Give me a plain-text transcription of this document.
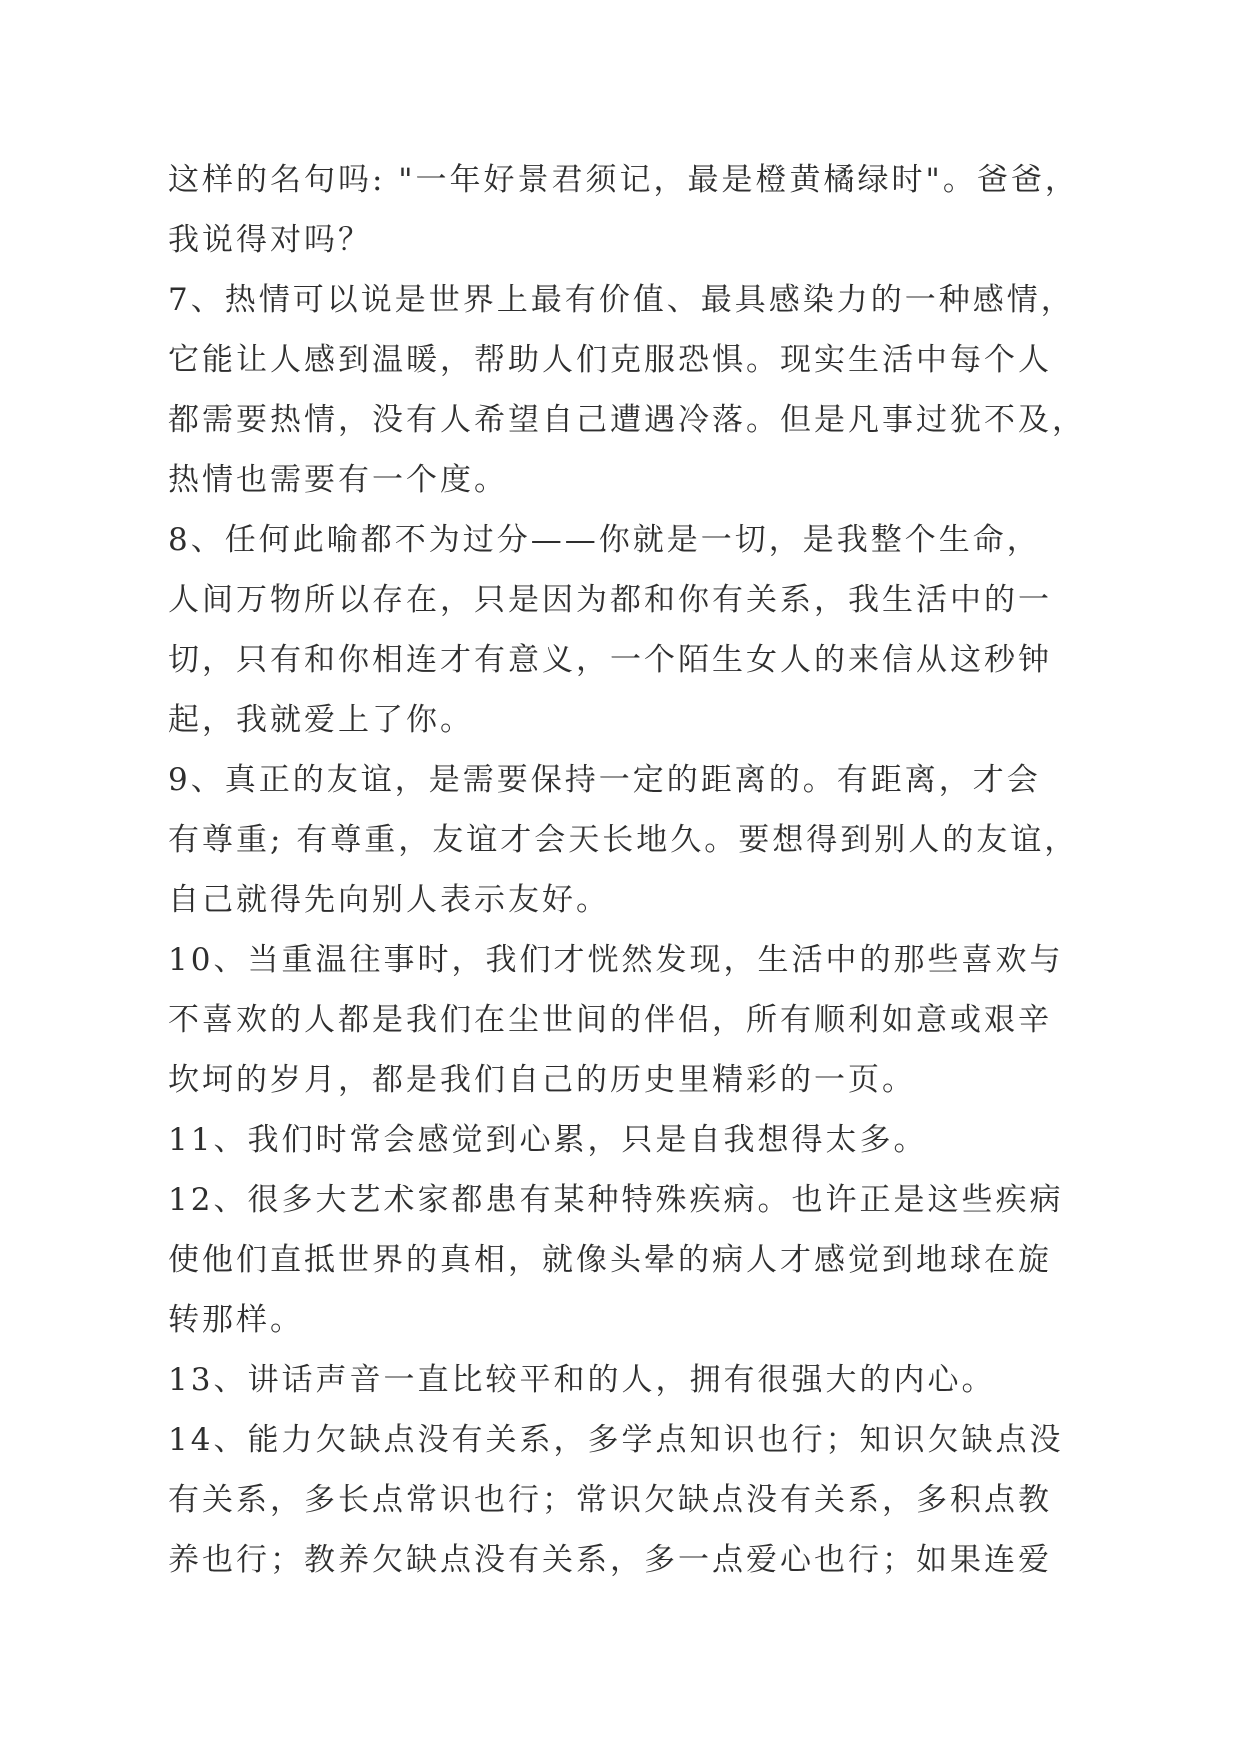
这样的名句吗: "一年好景君须记，最是橙黄橘绿时"。爸爸，
我说得对吗？
7、热情可以说是世界上最有价值、最具感染力的一种感情，
它能让人感到温暖，帮助人们克服恐惧。现实生活中每个人
都需要热情，没有人希望自己遭遇冷落。但是凡事过犹不及，
热情也需要有一个度。
8、任何此喻都不为过分——你就是一切，是我整个生命，
人间万物所以存在，只是因为都和你有关系，我生活中的一
切，只有和你相连才有意义，一个陌生女人的来信从这秒钟
起，我就爱上了你。
9、真正的友谊，是需要保持一定的距离的。有距离，才会
有尊重; 有尊重，友谊才会天长地久。要想得到别人的友谊，
自己就得先向别人表示友好。
10、当重温往事时，我们才恍然发现，生活中的那些喜欢与
不喜欢的人都是我们在尘世间的伴侣，所有顺利如意或艰辛
坎坷的岁月，都是我们自己的历史里精彩的一页。
11、我们时常会感觉到心累，只是自我想得太多。
12、很多大艺术家都患有某种特殊疾病。也许正是这些疾病
使他们直抵世界的真相，就像头晕的病人才感觉到地球在旋
转那样。
13、讲话声音一直比较平和的人，拥有很强大的内心。
14、能力欠缺点没有关系，多学点知识也行；知识欠缺点没
有关系，多长点常识也行；常识欠缺点没有关系，多积点教
养也行；教养欠缺点没有关系，多一点爱心也行；如果连爱
